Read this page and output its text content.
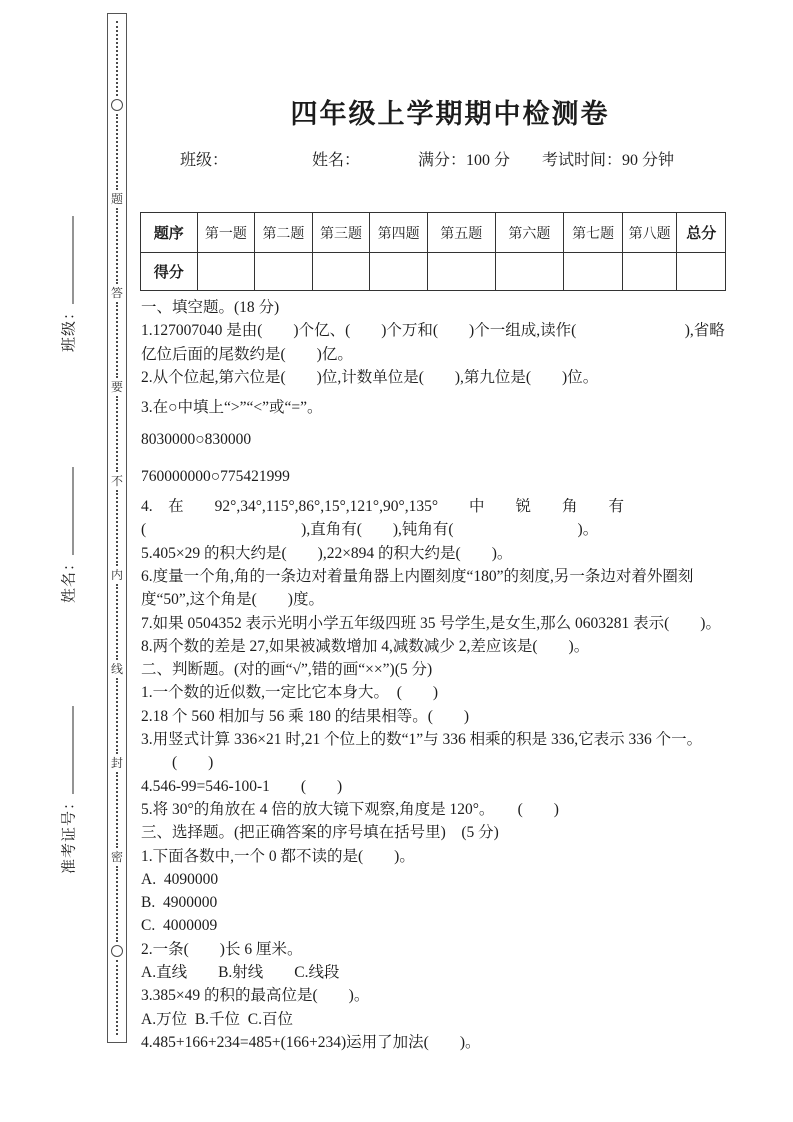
班级：
姓名：
准考证号：
题
答
要
不
内
线
封
密
四年级上学期期中检测卷
班级：	姓名：	满分：100 分 考试时间：90 分钟
题序	第一题	第二题	第三题	第四题	第五题	第六题	第七题	第八题	总分
得分									
一、填空题。(18 分)
1.127007040 是由(　　)个亿、(　　)个万和(　　)个一组成,读作(　　　　　　　),省略
亿位后面的尾数约是(　　)亿。
2.从个位起,第六位是(　　)位,计数单位是(　　),第九位是(　　)位。
3.在○中填上“>”“<”或“=”。
8030000○830000
760000000○775421999
4.　在　　92°,34°,115°,86°,15°,121°,90°,135°　　中　　锐　　角　　有
(　　　　　　　　　　),直角有(　　),钝角有(　　　　　　　　)。
5.405×29 的积大约是(　　),22×894 的积大约是(　　)。
6.度量一个角,角的一条边对着量角器上内圈刻度“180”的刻度,另一条边对着外圈刻
度“50”,这个角是(　　)度。
7.如果 0504352 表示光明小学五年级四班 35 号学生,是女生,那么 0603281 表示(　　)。
8.两个数的差是 27,如果被减数增加 4,减数减少 2,差应该是(　　)。
二、判断题。(对的画“√”,错的画“××”)(5 分)
1.一个数的近似数,一定比它本身大。　(　　)
2.18 个 560 相加与 56 乘 180 的结果相等。(　　)
3.用竖式计算 336×21 时,21 个位上的数“1”与 336 相乘的积是 336,它表示 336 个一。
　　(　　)
4.546-99=546-100-1　　(　　)
5.将 30°的角放在 4 倍的放大镜下观察,角度是 120°。　　(　　)
三、选择题。(把正确答案的序号填在括号里)　(5 分)
1.下面各数中,一个 0 都不读的是(　　)。
A.  4090000
B.  4900000
C.  4000009
2.一条(　　)长 6 厘米。
A.直线　　B.射线　　C.线段
3.385×49 的积的最高位是(　　)。
A.万位  B.千位  C.百位
4.485+166+234=485+(166+234)运用了加法(　　)。
